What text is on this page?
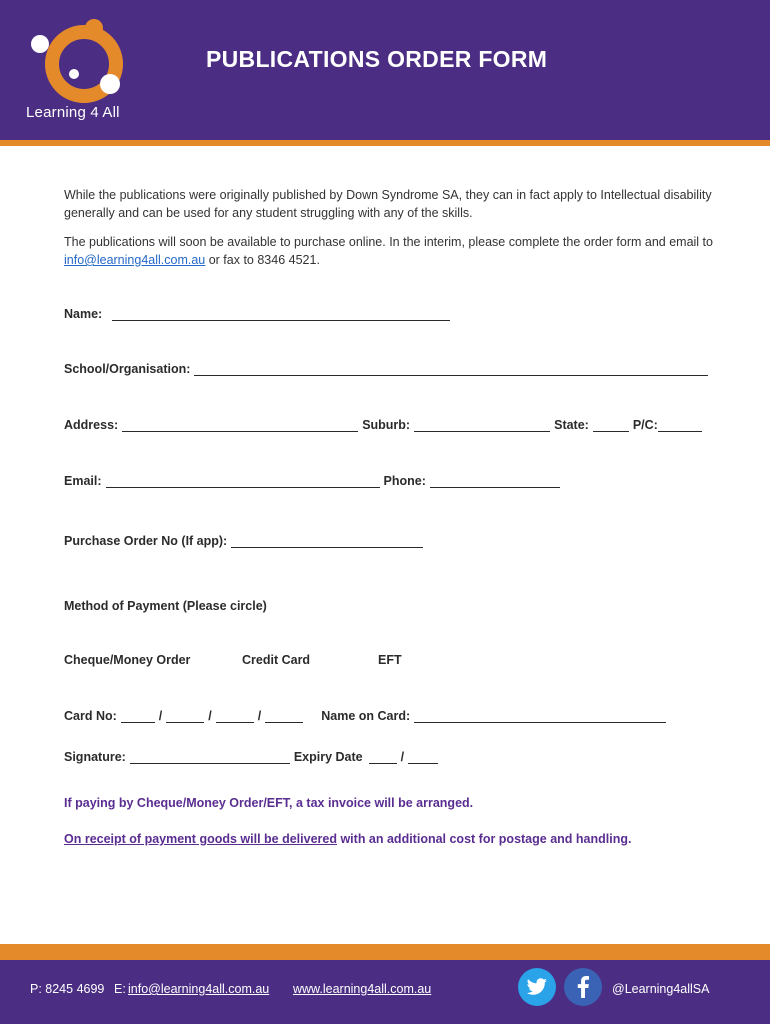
Learning 4 All
PUBLICATIONS ORDER FORM
While the publications were originally published by Down Syndrome SA, they can in fact apply to Intellectual disability generally and can be used for any student struggling with any of the skills.
The publications will soon be available to purchase online. In the interim, please complete the order form and email to info@learning4all.com.au or fax to 8346 4521.
Name:
School/Organisation:
Address:	Suburb:	State:	P/C:
Email:	Phone:
Purchase Order No (If app):
Method of Payment (Please circle)
Cheque/Money Order	Credit Card	EFT
Card No:	/	/	/	Name on Card:
Signature:	Expiry Date	/
If paying by Cheque/Money Order/EFT, a tax invoice will be arranged.
On receipt of payment goods will be delivered with an additional cost for postage and handling.
P: 8245 4699 E: info@learning4all.com.au www.learning4all.com.au	@Learning4allSA
